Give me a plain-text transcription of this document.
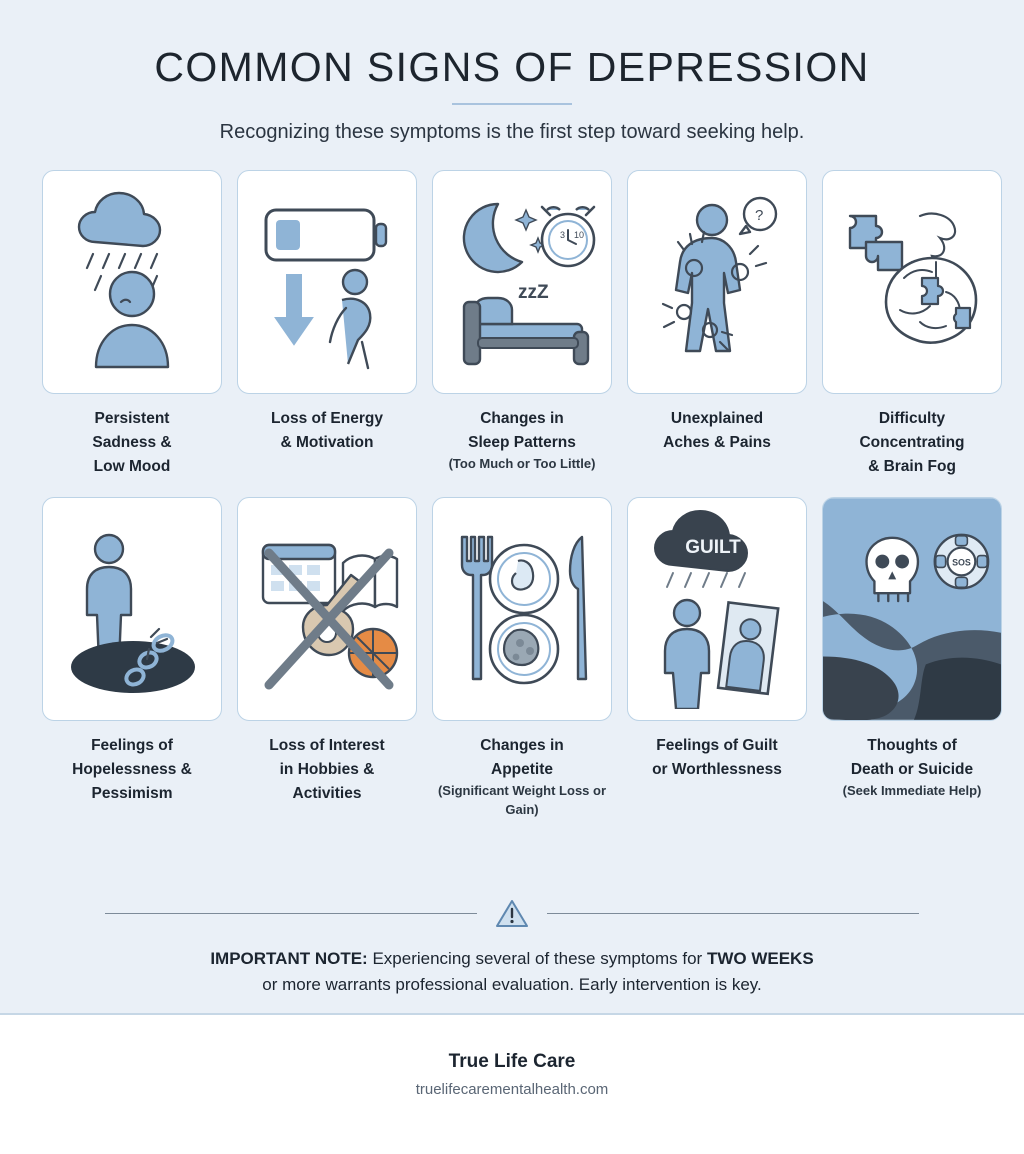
COMMON SIGNS OF DEPRESSION
Recognizing these symptoms is the first step toward seeking help.
Persistent
Sadness &
Low Mood
Loss of Energy
& Motivation
3 10
zzZ
Changes in
Sleep Patterns
(Too Much or Too Little)
?
Unexplained
Aches & Pains
Difficulty
Concentrating
& Brain Fog
Feelings of
Hopelessness &
Pessimism
Loss of Interest
in Hobbies &
Activities
Changes in
Appetite
(Significant Weight Loss or Gain)
GUILT
Feelings of Guilt
or Worthlessness
SOS
Thoughts of
Death or Suicide
(Seek Immediate Help)
IMPORTANT NOTE: Experiencing several of these symptoms for TWO WEEKS
or more warrants professional evaluation. Early intervention is key.
True Life Care
truelifecarementalhealth.com
